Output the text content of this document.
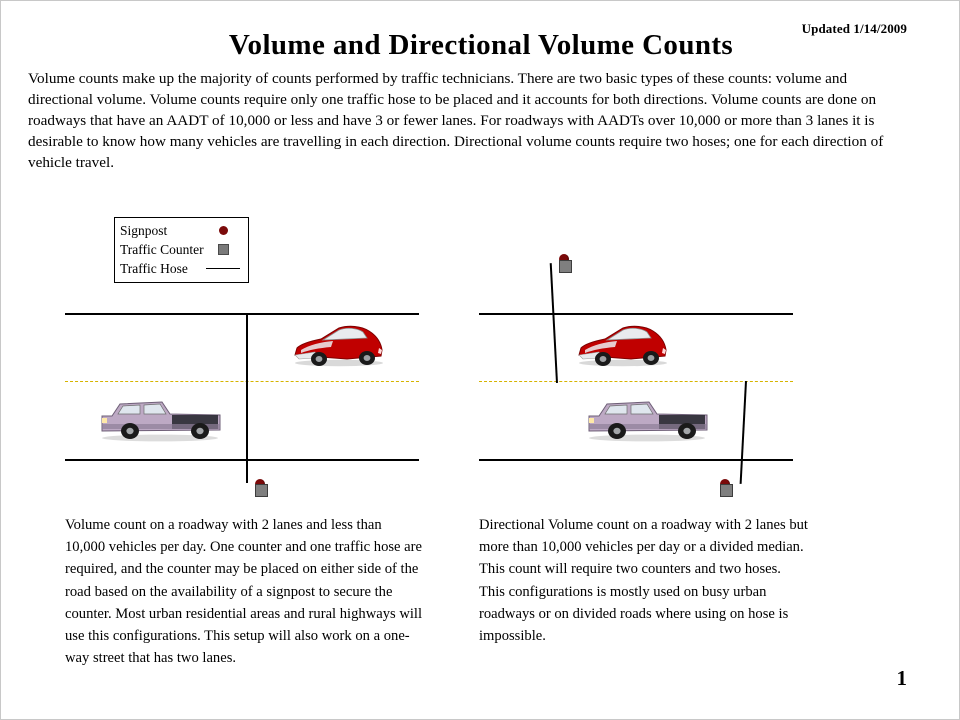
Updated 1/14/2009
Volume and Directional Volume Counts
Volume counts make up the majority of counts performed by traffic technicians. There are two basic types of these counts: volume and directional volume. Volume counts require only one traffic hose to be placed and it accounts for both directions. Volume counts are done on roadways that have an AADT of 10,000 or less and have 3 or fewer lanes. For roadways with AADTs over 10,000 or more than 3 lanes it is desirable to know how many vehicles are travelling in each direction. Directional volume counts require two hoses; one for each direction of vehicle travel.
Signpost
Traffic Counter
Traffic Hose
Volume count on a roadway with 2 lanes and less than 10,000 vehicles per day. One counter and one traffic hose are required, and the counter may be placed on either side of the road based on the availability of a signpost to secure the counter. Most urban residential areas and rural highways will use this configurations. This setup will also work on a one-way street that has two lanes.
Directional Volume count on a roadway with 2 lanes but more than 10,000 vehicles per day or a divided median. This count will require two counters and two hoses. This configurations is mostly used on busy urban roadways or on divided roads where using on hose is impossible.
1
